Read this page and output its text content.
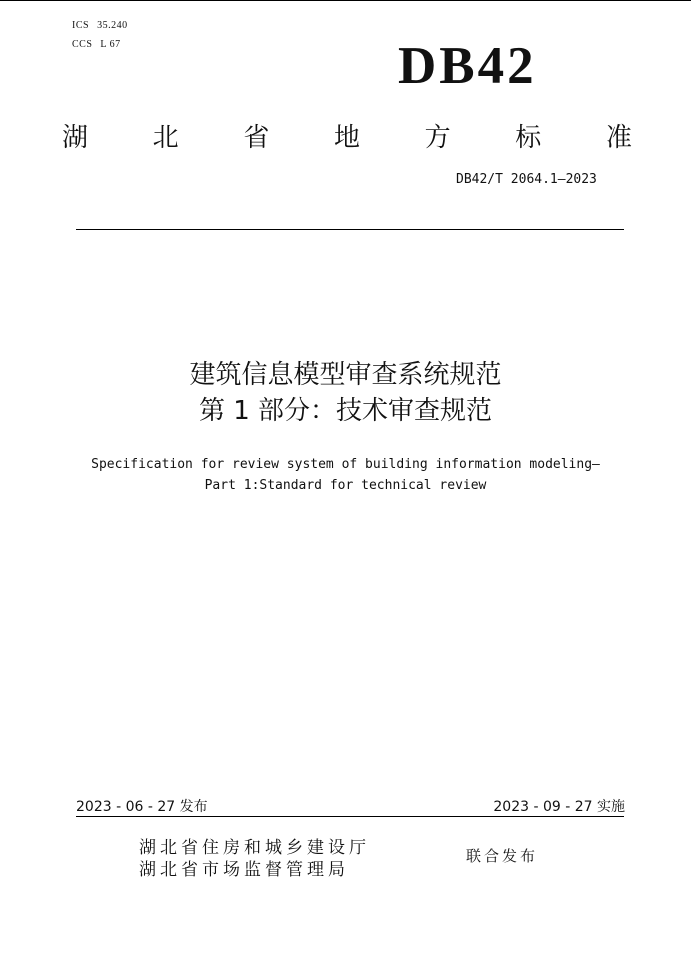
ICS 35.240
CCS L 67	DB42
湖 北 省 地 方 标 准
DB42/T 2064.1—2023
建筑信息模型审查系统规范
第 1 部分：技术审查规范
Specification for review system of building information modeling—
Part 1:Standard for technical review
2023 - 06 - 27 发布	2023 - 09 - 27 实施
湖北省住房和城乡建设厅
湖北省市场监督管理局
联合发布
